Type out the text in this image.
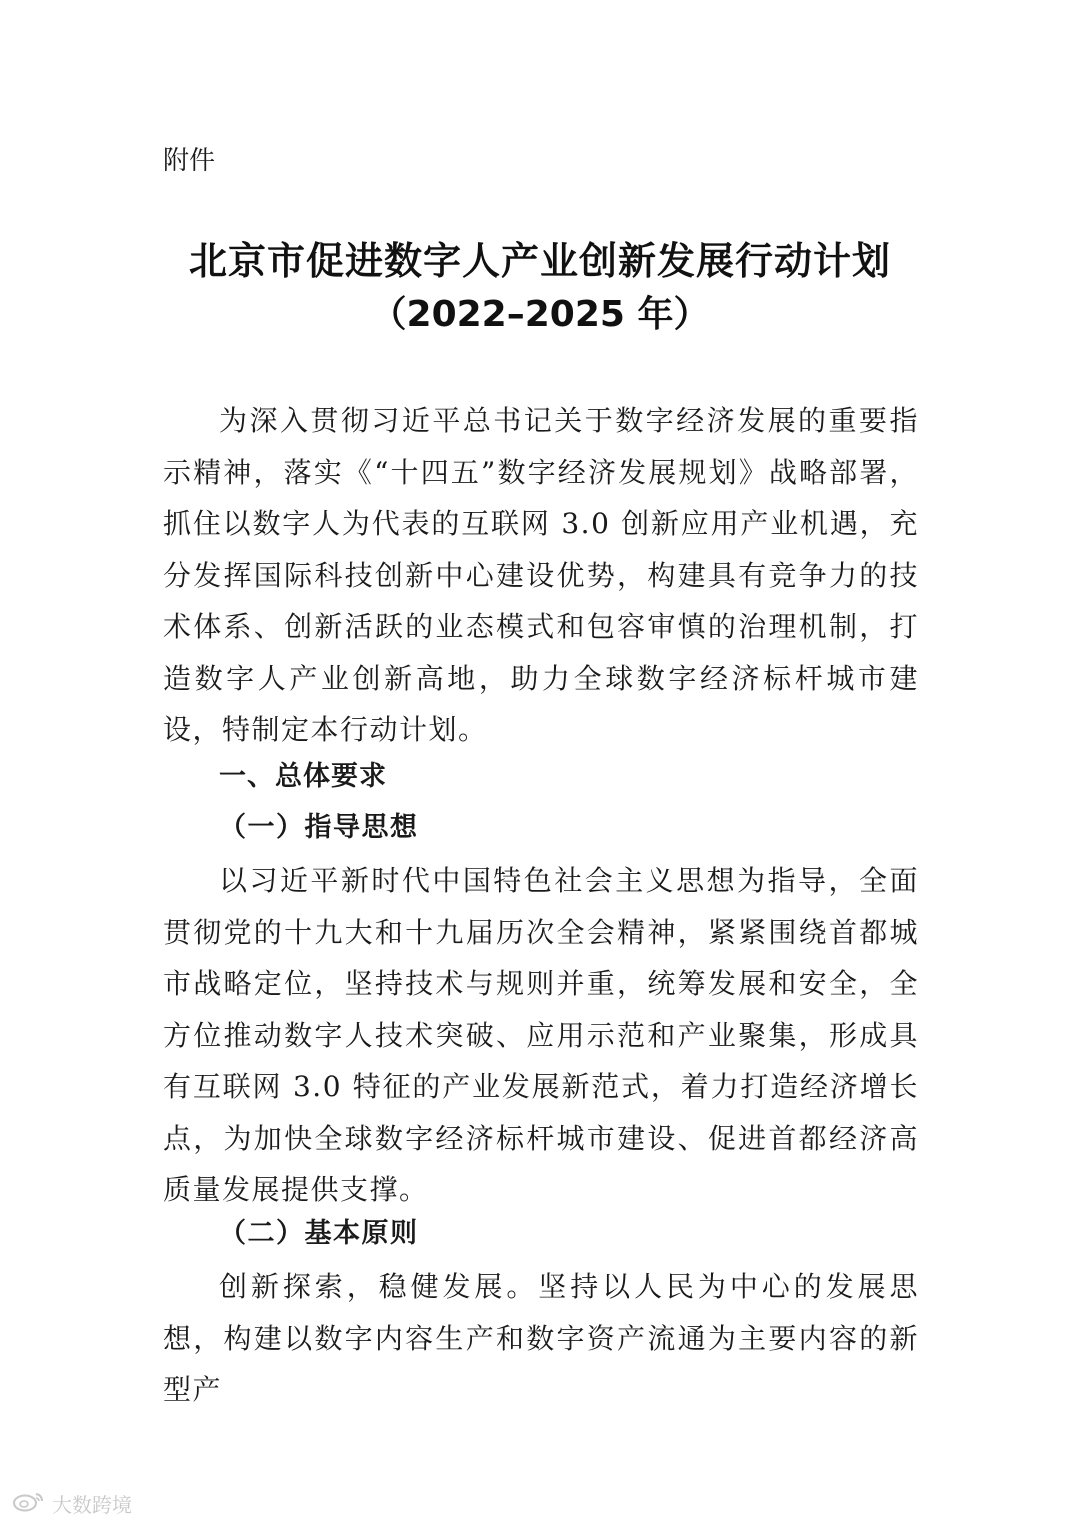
附件

北京市促进数字人产业创新发展行动计划
（2022–2025 年）

为深入贯彻习近平总书记关于数字经济发展的重要指示精神，落实《“十四五”数字经济发展规划》战略部署，抓住以数字人为代表的互联网 3.0 创新应用产业机遇，充分发挥国际科技创新中心建设优势，构建具有竞争力的技术体系、创新活跃的业态模式和包容审慎的治理机制，打造数字人产业创新高地，助力全球数字经济标杆城市建设，特制定本行动计划。

一、总体要求
（一）指导思想

以习近平新时代中国特色社会主义思想为指导，全面贯彻党的十九大和十九届历次全会精神，紧紧围绕首都城市战略定位，坚持技术与规则并重，统筹发展和安全，全方位推动数字人技术突破、应用示范和产业聚集，形成具有互联网 3.0 特征的产业发展新范式，着力打造经济增长点，为加快全球数字经济标杆城市建设、促进首都经济高质量发展提供支撑。

（二）基本原则

创新探索，稳健发展。坚持以人民为中心的发展思想，构建以数字内容生产和数字资产流通为主要内容的新型产

大数跨境
